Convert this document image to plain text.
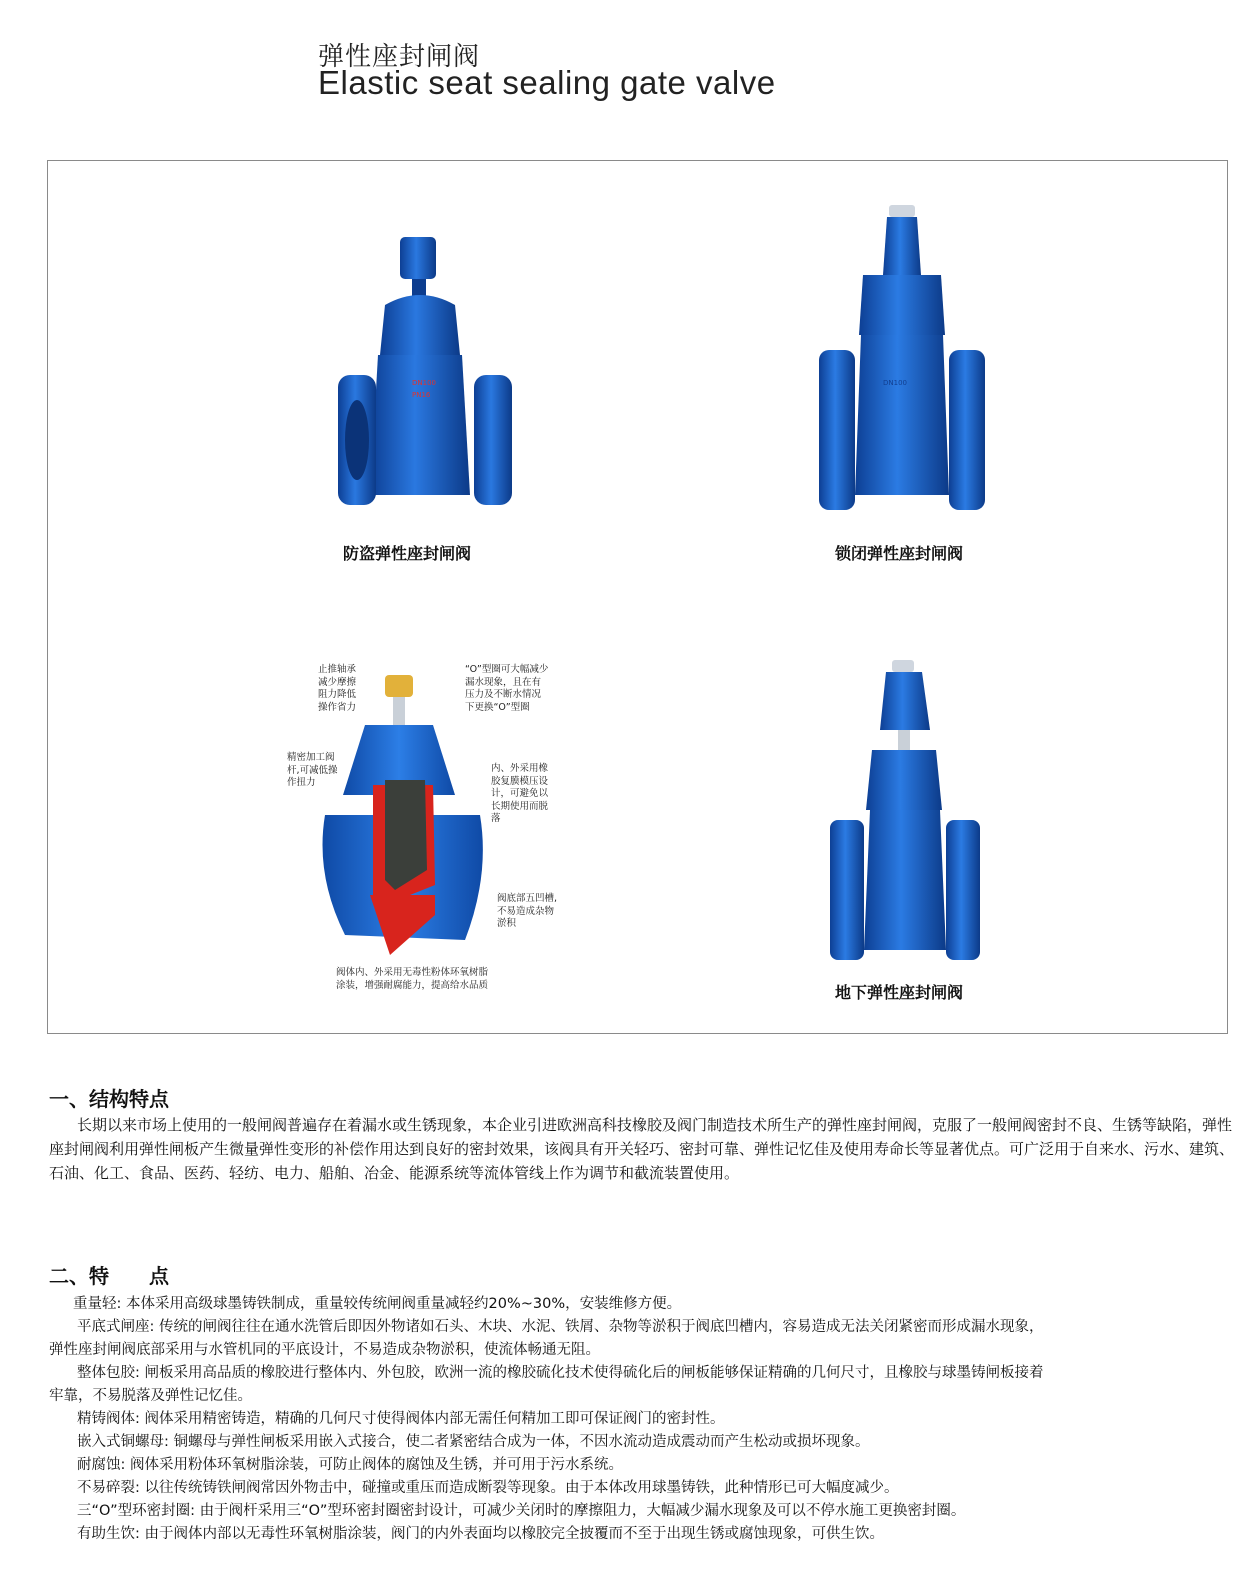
弹性座封闸阀
Elastic seat sealing gate valve
DN100
PN16
防盗弹性座封闸阀
DN100
锁闭弹性座封闸阀
止推轴承
减少摩擦
阻力降低
操作省力
“O”型圈可大幅减少
漏水现象，且在有
压力及不断水情况
下更换“O”型圈
精密加工阀
杆,可减低操
作扭力
内、外采用橡
胶复膜模压设
计，可避免以
长期使用而脱
落
阀底部五凹槽,
不易造成杂物
淤积
阀体内、外采用无毒性粉体环氧树脂
涂装，增强耐腐能力，提高给水品质	地下弹性座封闸阀
一、结构特点
长期以来市场上使用的一般闸阀普遍存在着漏水或生锈现象，本企业引进欧洲高科技橡胶及阀门制造技术所生产的弹性座封闸阀，克服了一般闸阀密封不良、生锈等缺陷，弹性座封闸阀利用弹性闸板产生微量弹性变形的补偿作用达到良好的密封效果，该阀具有开关轻巧、密封可靠、弹性记忆佳及使用寿命长等显著优点。可广泛用于自来水、污水、建筑、石油、化工、食品、医药、轻纺、电力、船舶、冶金、能源系统等流体管线上作为调节和截流装置使用。
二、特　　点

重量轻: 本体采用高级球墨铸铁制成，重量较传统闸阀重量减轻约20%~30%，安装维修方便。

平底式闸座: 传统的闸阀往往在通水洗管后即因外物诸如石头、木块、水泥、铁屑、杂物等淤积于阀底凹槽内，容易造成无法关闭紧密而形成漏水现象，

弹性座封闸阀底部采用与水管机同的平底设计，不易造成杂物淤积，使流体畅通无阻。

整体包胶: 闸板采用高品质的橡胶进行整体内、外包胶，欧洲一流的橡胶硫化技术使得硫化后的闸板能够保证精确的几何尺寸，且橡胶与球墨铸闸板接着

牢靠，不易脱落及弹性记忆佳。

精铸阀体: 阀体采用精密铸造，精确的几何尺寸使得阀体内部无需任何精加工即可保证阀门的密封性。

嵌入式铜螺母: 铜螺母与弹性闸板采用嵌入式接合，使二者紧密结合成为一体，不因水流动造成震动而产生松动或损坏现象。

耐腐蚀: 阀体采用粉体环氧树脂涂装，可防止阀体的腐蚀及生锈，并可用于污水系统。

不易碎裂: 以往传统铸铁闸阀常因外物击中，碰撞或重压而造成断裂等现象。由于本体改用球墨铸铁，此种情形已可大幅度减少。

三“O”型环密封圈: 由于阀杆采用三“O”型环密封圈密封设计，可减少关闭时的摩擦阻力，大幅减少漏水现象及可以不停水施工更换密封圈。

有助生饮: 由于阀体内部以无毒性环氧树脂涂装，阀门的内外表面均以橡胶完全披覆而不至于出现生锈或腐蚀现象，可供生饮。
